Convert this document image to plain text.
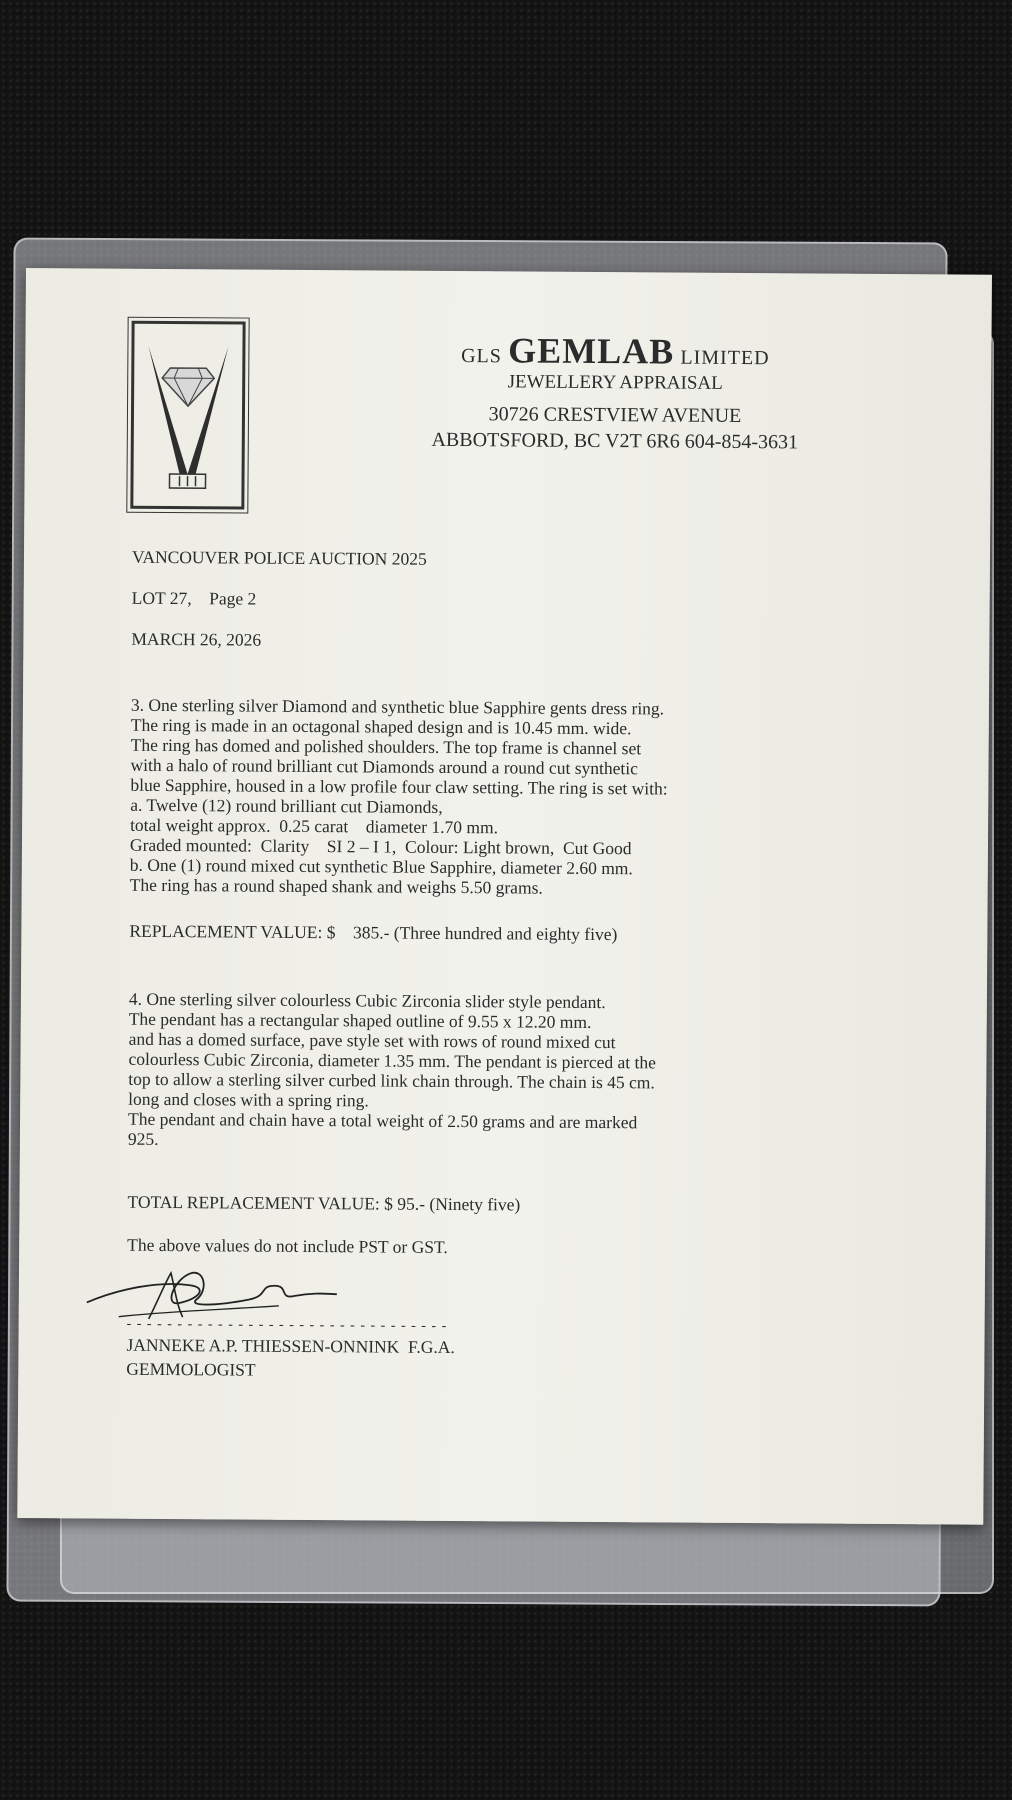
GLS GEMLAB LIMITED
JEWELLERY APPRAISAL
30726 CRESTVIEW AVENUE
ABBOTSFORD, BC V2T 6R6 604-854-3631
VANCOUVER POLICE AUCTION 2025
LOT 27,    Page 2
MARCH 26, 2026
3. One sterling silver Diamond and synthetic blue Sapphire gents dress ring.
The ring is made in an octagonal shaped design and is 10.45 mm. wide.
The ring has domed and polished shoulders. The top frame is channel set
with a halo of round brilliant cut Diamonds around a round cut synthetic
blue Sapphire, housed in a low profile four claw setting. The ring is set with:
a. Twelve (12) round brilliant cut Diamonds,
total weight approx.  0.25 carat    diameter 1.70 mm.
Graded mounted:  Clarity    SI 2 – I 1,  Colour: Light brown,  Cut Good
b. One (1) round mixed cut synthetic Blue Sapphire, diameter 2.60 mm.
The ring has a round shaped shank and weighs 5.50 grams.
REPLACEMENT VALUE: $    385.- (Three hundred and eighty five)
4. One sterling silver colourless Cubic Zirconia slider style pendant.
The pendant has a rectangular shaped outline of 9.55 x 12.20 mm.
and has a domed surface, pave style set with rows of round mixed cut
colourless Cubic Zirconia, diameter 1.35 mm. The pendant is pierced at the
top to allow a sterling silver curbed link chain through. The chain is 45 cm.
long and closes with a spring ring.
The pendant and chain have a total weight of 2.50 grams and are marked
925.
TOTAL REPLACEMENT VALUE: $ 95.- (Ninety five)
The above values do not include PST or GST.
- - - - - - - - - - - - - - - - - - - - - - - - - - - - - - - -
JANNEKE A.P. THIESSEN-ONNINK  F.G.A.
GEMMOLOGIST
